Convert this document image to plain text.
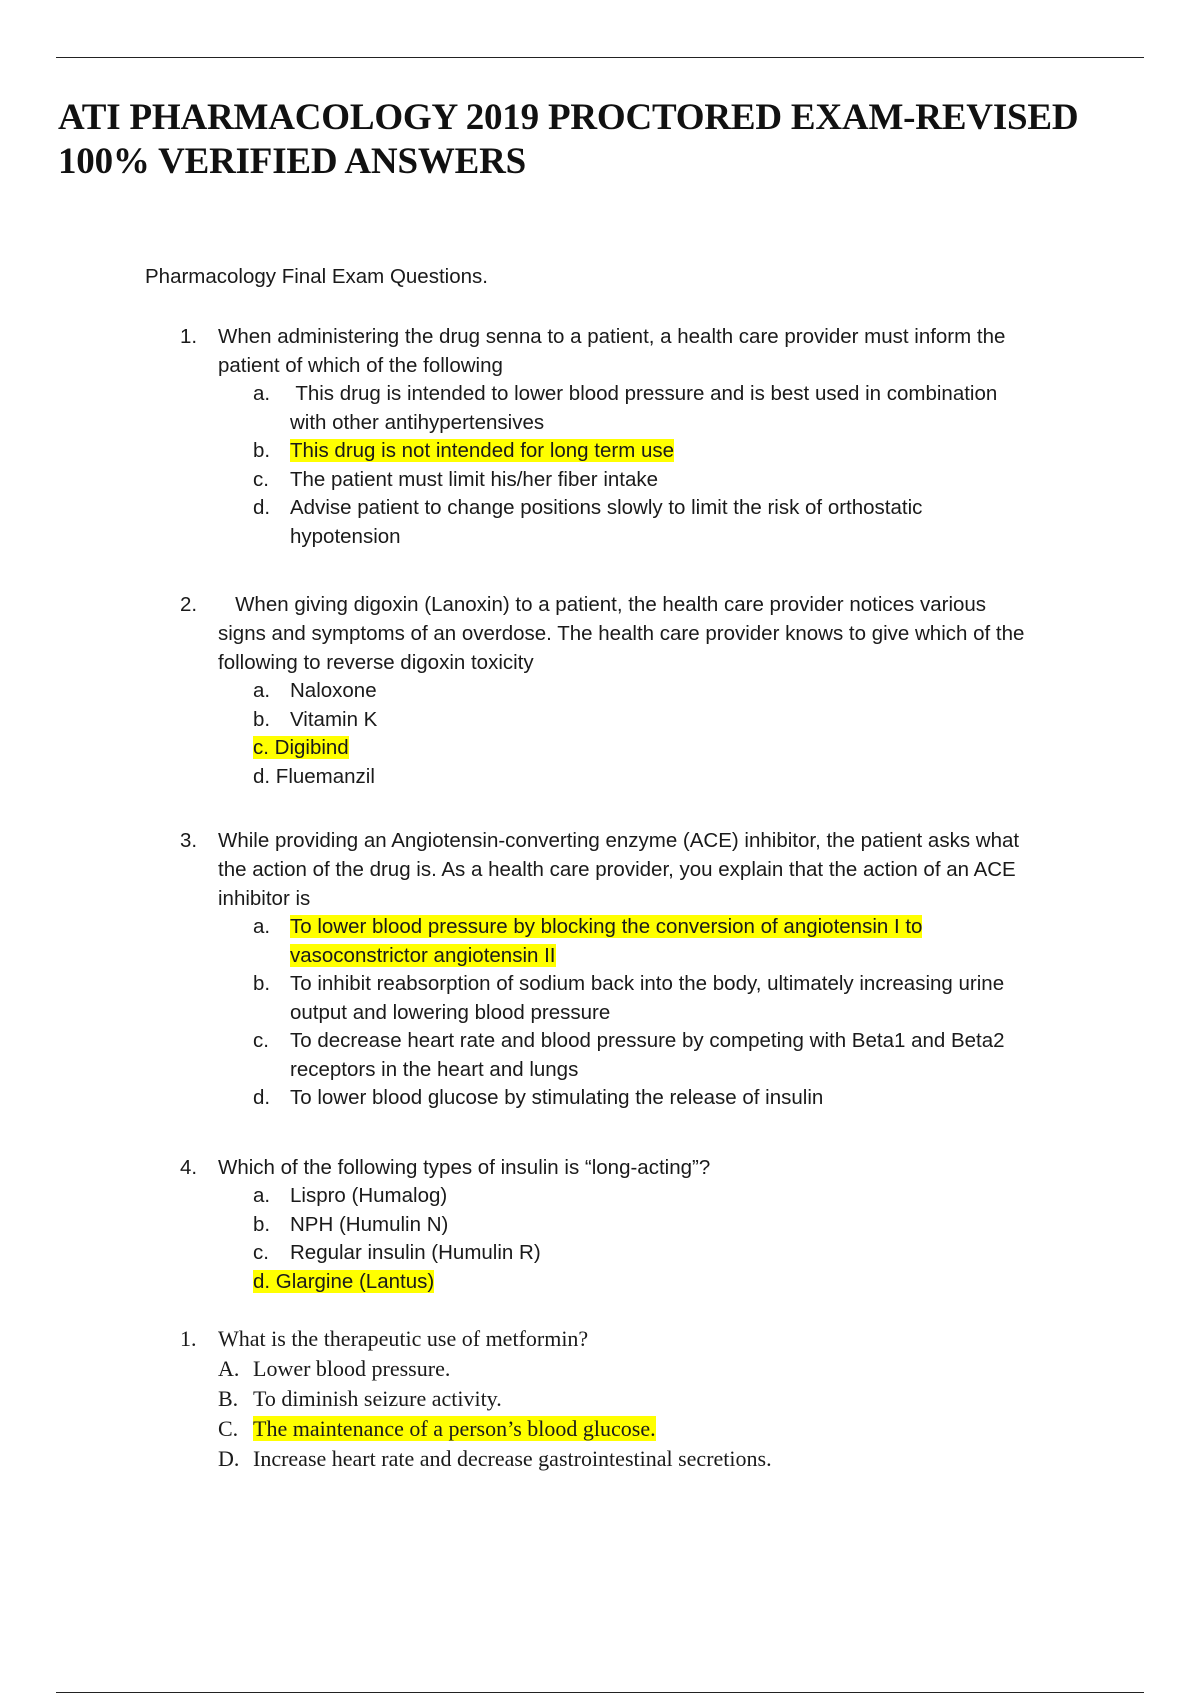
ATI PHARMACOLOGY 2019 PROCTORED EXAM-REVISED
100% VERIFIED ANSWERS
Pharmacology Final Exam Questions.
1. When administering the drug senna to a patient, a health care provider must inform the
patient of which of the following
a. This drug is intended to lower blood pressure and is best used in combination
with other antihypertensives
b. This drug is not intended for long term use
c. The patient must limit his/her fiber intake
d. Advise patient to change positions slowly to limit the risk of orthostatic
hypotension
2. When giving digoxin (Lanoxin) to a patient, the health care provider notices various
signs and symptoms of an overdose. The health care provider knows to give which of the
following to reverse digoxin toxicity
a. Naloxone
b. Vitamin K
c. Digibind
d. Fluemanzil
3. While providing an Angiotensin-converting enzyme (ACE) inhibitor, the patient asks what
the action of the drug is. As a health care provider, you explain that the action of an ACE
inhibitor is
a. To lower blood pressure by blocking the conversion of angiotensin I to
vasoconstrictor angiotensin II
b. To inhibit reabsorption of sodium back into the body, ultimately increasing urine
output and lowering blood pressure
c. To decrease heart rate and blood pressure by competing with Beta1 and Beta2
receptors in the heart and lungs
d. To lower blood glucose by stimulating the release of insulin
4. Which of the following types of insulin is “long-acting”?
a. Lispro (Humalog)
b. NPH (Humulin N)
c. Regular insulin (Humulin R)
d. Glargine (Lantus)
1. What is the therapeutic use of metformin?
A. Lower blood pressure.
B. To diminish seizure activity.
C. The maintenance of a person’s blood glucose.
D. Increase heart rate and decrease gastrointestinal secretions.
